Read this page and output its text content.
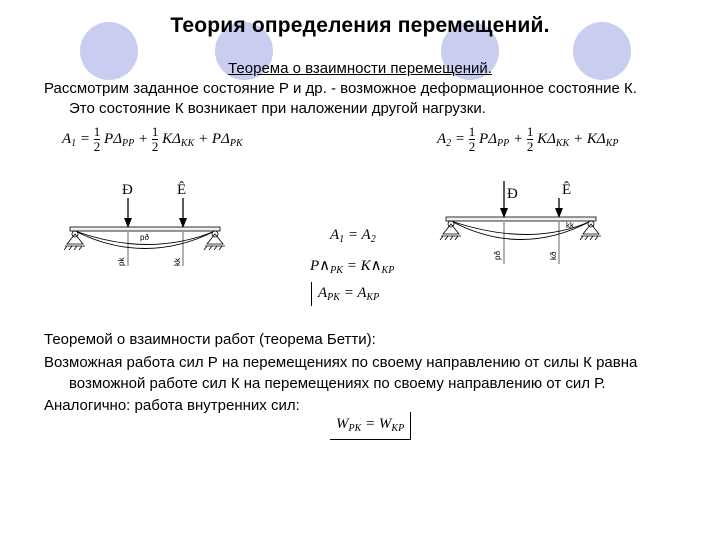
Теория определения перемещений.
Теорема о взаимности перемещений.
Рассмотрим заданное состояние Р и др. - возможное деформационное состояние К.
Это состояние К возникает при наложении другой нагрузки.
$A_1 = \frac{1}{2} P\Delta_{PP} + \frac{1}{2} K\Delta_{KK} + P\Delta_{PK}$	$A_2 = \frac{1}{2} P\Delta_{PP} + \frac{1}{2} K\Delta_{KK} + K\Delta_{KP}$
Ð	Ê
pð
pk	kk
Ð	Ê
kk
pð	kð
$A_1 = A_2$
$P\wedge_{PK}$ = $K\wedge_{KP}$
$A_{PK} = A_{KP}$
Теоремой о взаимности работ (теорема Бетти):
Возможная работа сил Р на перемещениях по своему направлению от силы К равна
возможной работе сил К на перемещениях по своему направлению от сил Р.
Аналогично: работа внутренних сил:
$W_{PK} = W_{KP}$
